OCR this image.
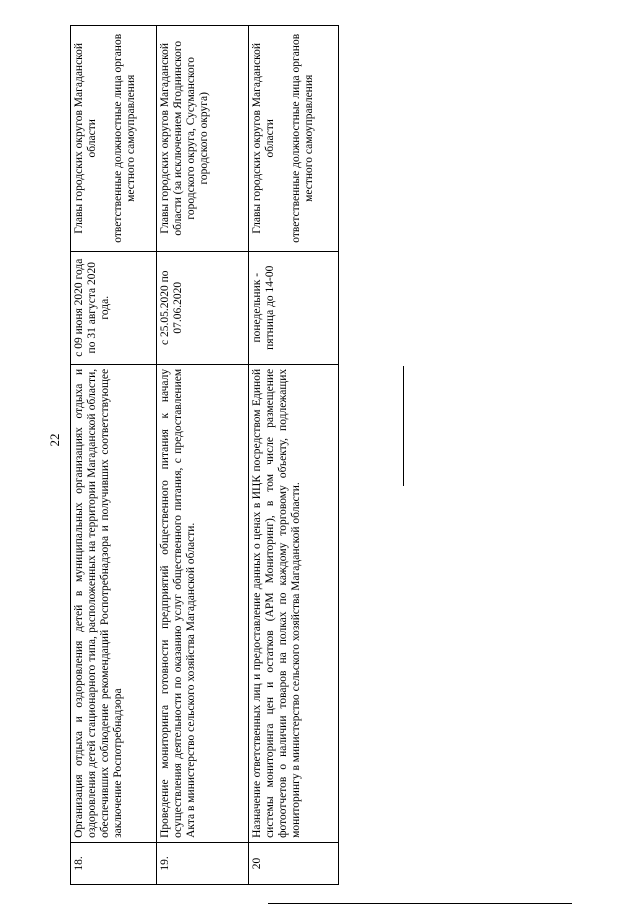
22
18.	Организация отдыха и оздоровления детей в муниципальных организациях отдыха и оздоровления детей стационарного типа, расположенных на территории Магаданской области, обеспечивших соблюдение рекомендаций Роспотребнадзора и получивших соответствующее заключение Роспотребнадзора	с 09 июня 2020 года по 31 августа 2020 года.	Главы городских округов Магаданской области ответственные должностные лица органов местного самоуправления

19.	Проведение мониторинга готовности предприятий общественного питания к началу осуществления деятельности по оказанию услуг общественного питания, с предоставлением Акта в министерство сельского хозяйства Магаданской области.	с 25.05.2020 по 07.06.2020	Главы городских округов Магаданской области (за исключением Ягоднинского городского округа, Сусуманского городского округа)

20	Назначение ответственных лиц и предоставление данных о ценах в ИЦК посредством Единой системы мониторинга цен и остатков (АРМ Мониторинг), в том числе размещение фотоотчетов о наличии товаров на полках по каждому торговому объекту, подлежащих мониторингу в министерство сельского хозяйства Магаданской области.	понедельник - пятница до 14-00	Главы городских округов Магаданской области ответственные должностные лица органов местного самоуправления
